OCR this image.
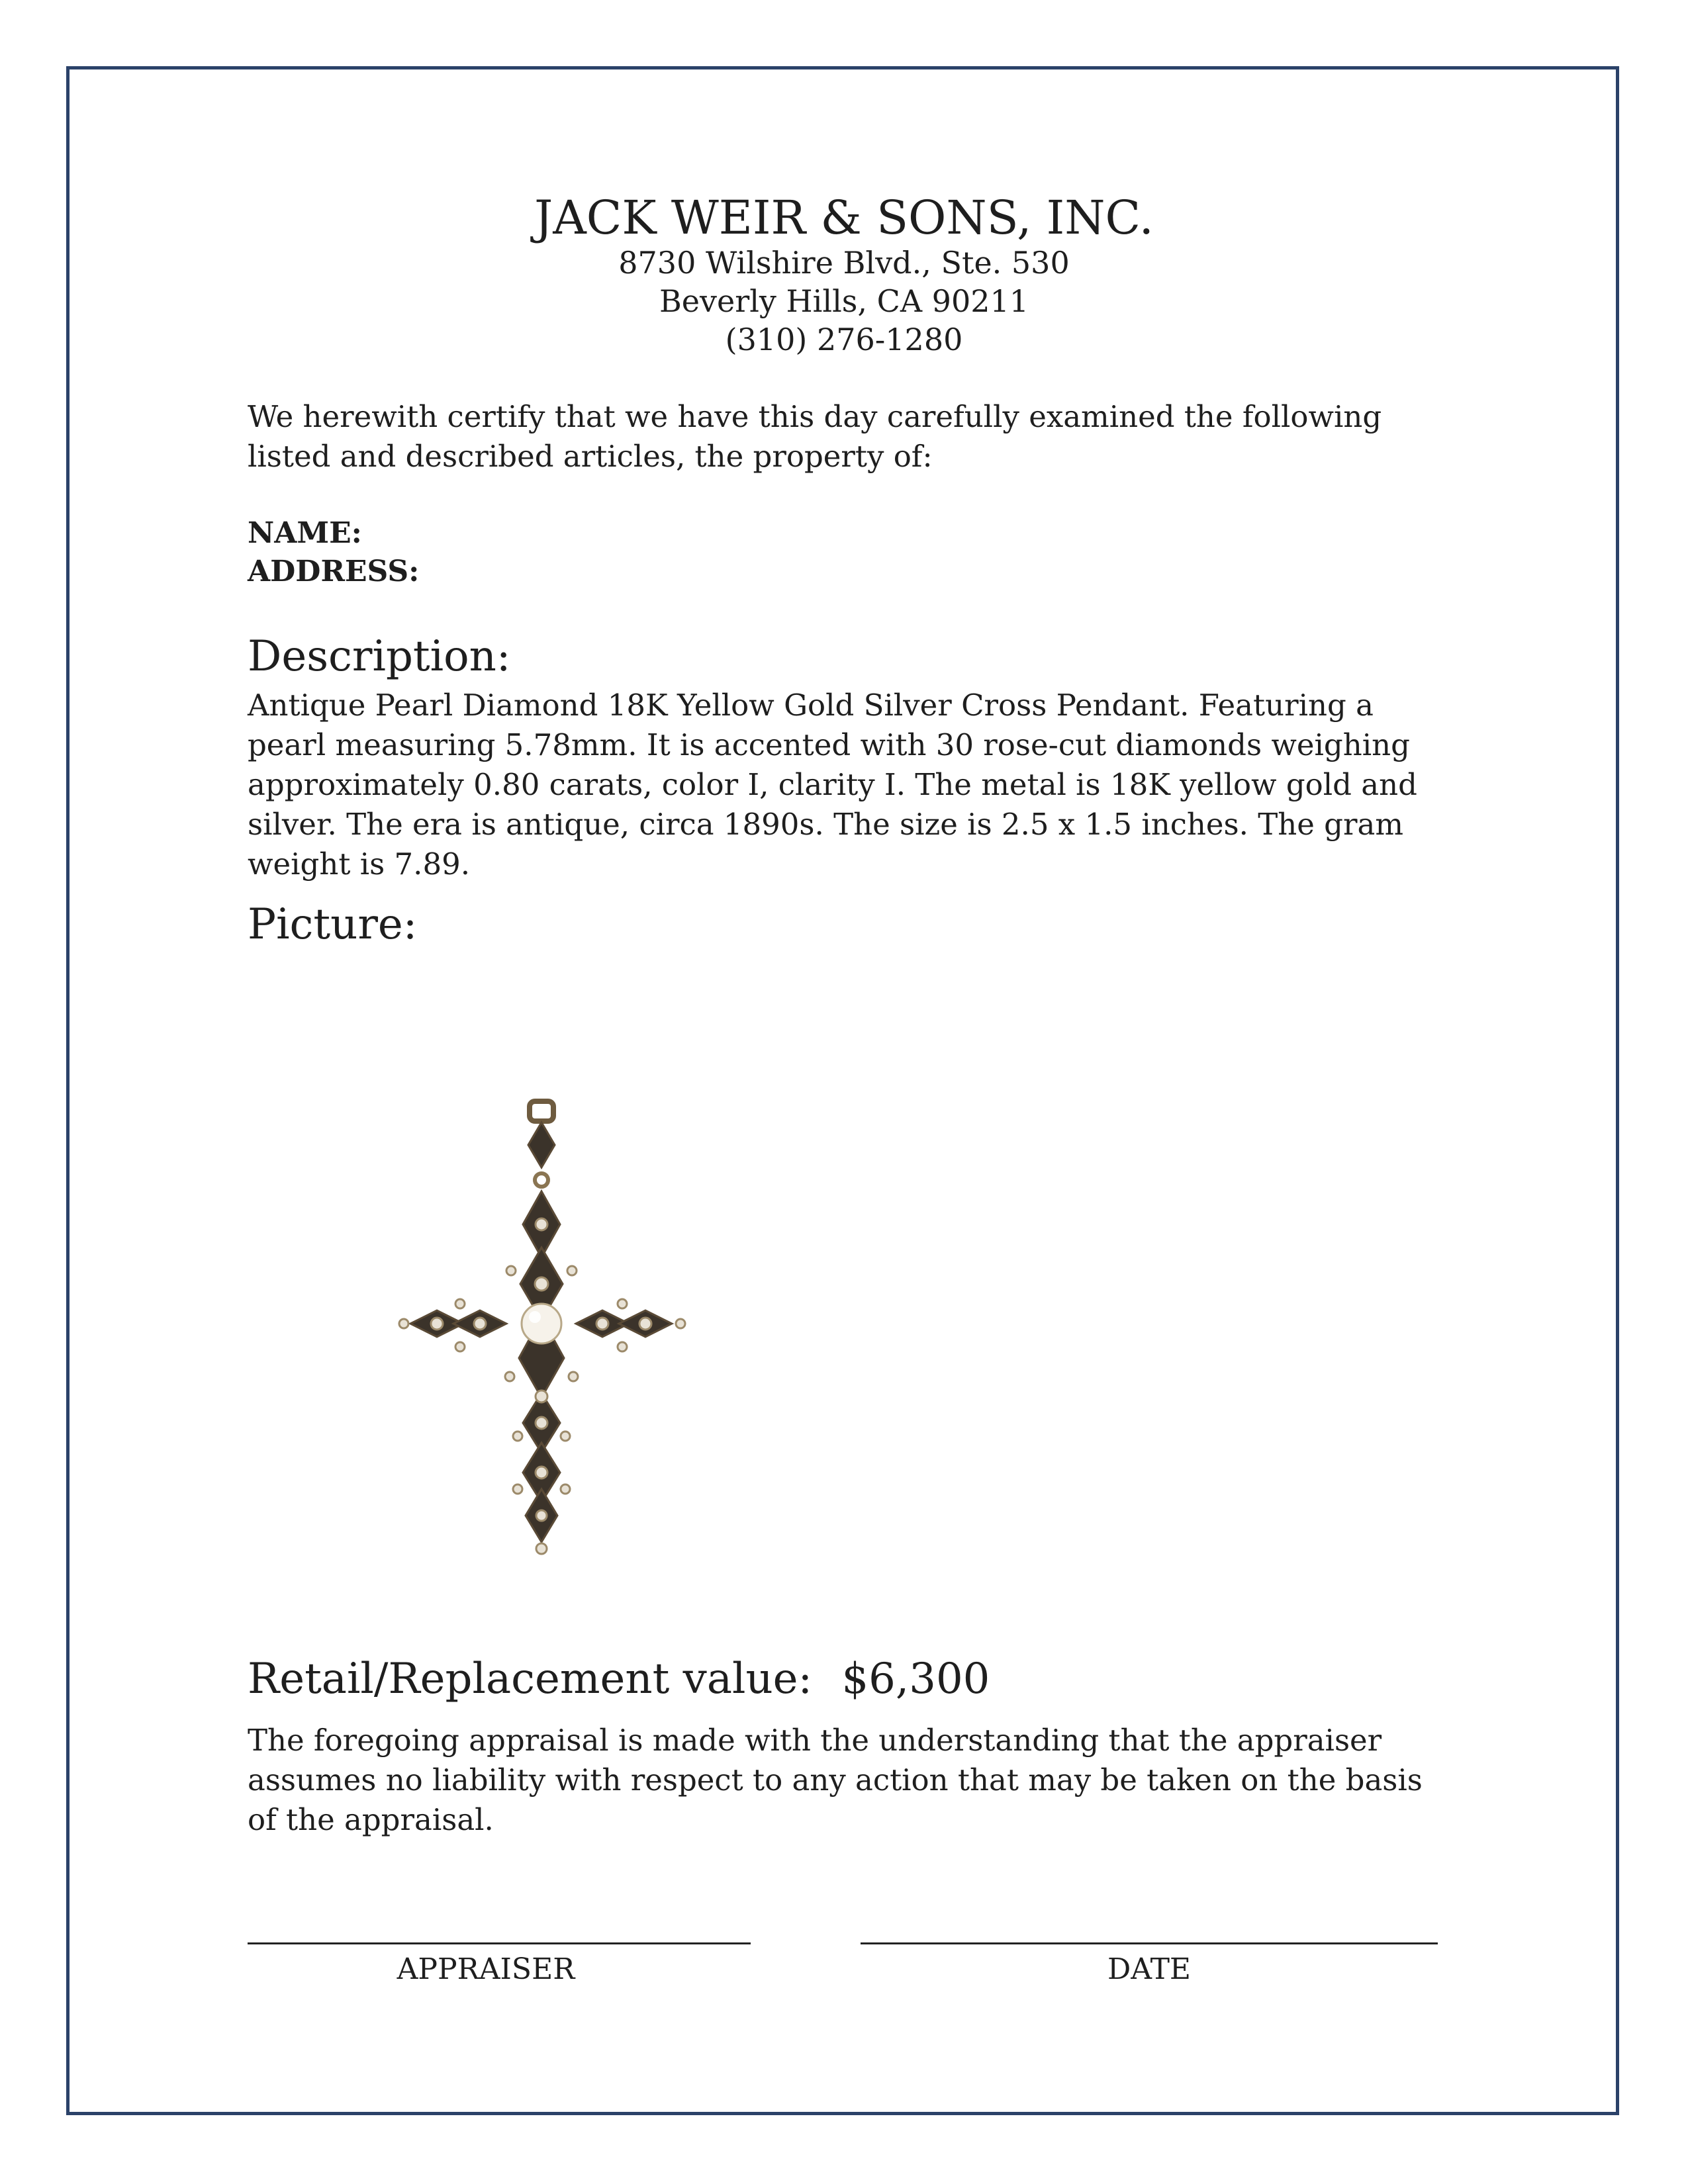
JACK WEIR & SONS, INC.
8730 Wilshire Blvd., Ste. 530
Beverly Hills, CA 90211
(310) 276-1280
We herewith certify that we have this day carefully examined the following listed and described articles, the property of:
NAME:
ADDRESS:
Description:
Antique Pearl Diamond 18K Yellow Gold Silver Cross Pendant. Featuring a pearl measuring 5.78mm. It is accented with 30 rose-cut diamonds weighing approximately 0.80 carats, color I, clarity I. The metal is 18K yellow gold and silver. The era is antique, circa 1890s. The size is 2.5 x 1.5 inches. The gram weight is 7.89.
Picture:
Retail/Replacement value: $6,300
The foregoing appraisal is made with the understanding that the appraiser assumes no liability with respect to any action that may be taken on the basis of the appraisal.
APPRAISER	DATE
